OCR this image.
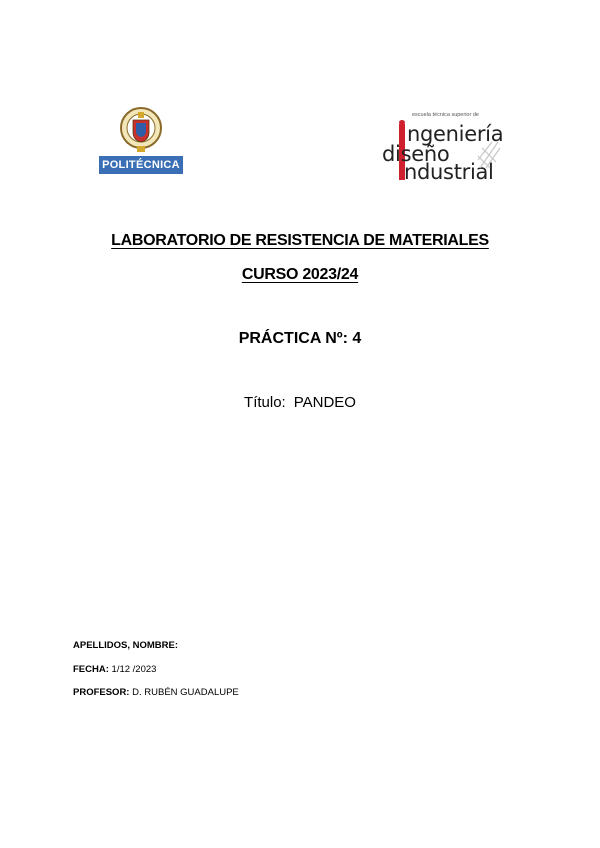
POLITÉCNICA
escuela técnica superior de
ngeniería
diseño
ndustrial
LABORATORIO DE RESISTENCIA DE MATERIALES
CURSO 2023/24
PRÁCTICA Nº: 4
Título: PANDEO
APELLIDOS, NOMBRE:
FECHA: 1/12 /2023
PROFESOR: D. RUBÉN GUADALUPE
